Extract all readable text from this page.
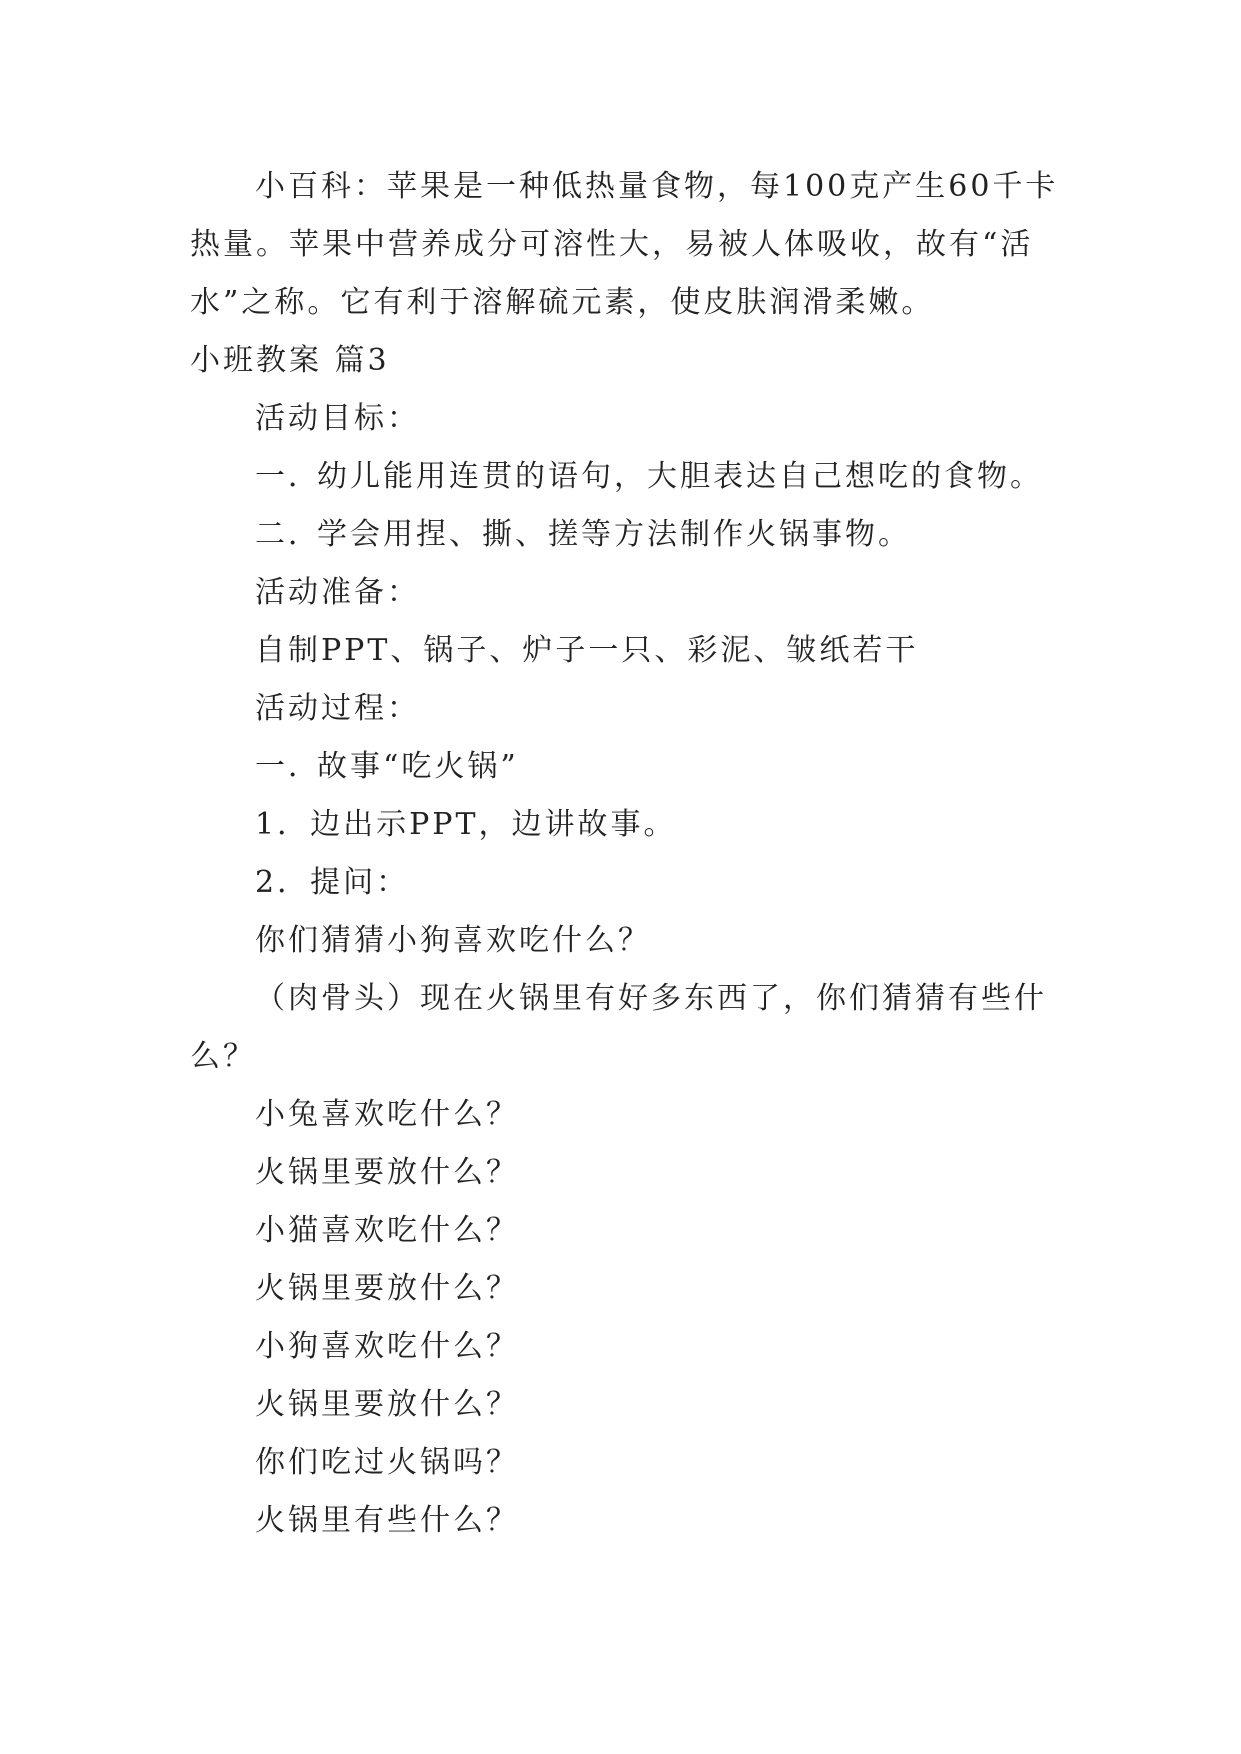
小百科：苹果是一种低热量食物，每100克产生60千卡热量。苹果中营养成分可溶性大，易被人体吸收，故有“活水”之称。它有利于溶解硫元素，使皮肤润滑柔嫩。

小班教案 篇3

活动目标：

一．幼儿能用连贯的语句，大胆表达自己想吃的食物。

二．学会用捏、撕、搓等方法制作火锅事物。

活动准备：

自制PPT、锅子、炉子一只、彩泥、皱纸若干

活动过程：

一．故事“吃火锅”

1．边出示PPT，边讲故事。

2．提问：

你们猜猜小狗喜欢吃什么？

（肉骨头）现在火锅里有好多东西了，你们猜猜有些什么？

小兔喜欢吃什么？

火锅里要放什么？

小猫喜欢吃什么？

火锅里要放什么？

小狗喜欢吃什么？

火锅里要放什么？

你们吃过火锅吗？

火锅里有些什么？
